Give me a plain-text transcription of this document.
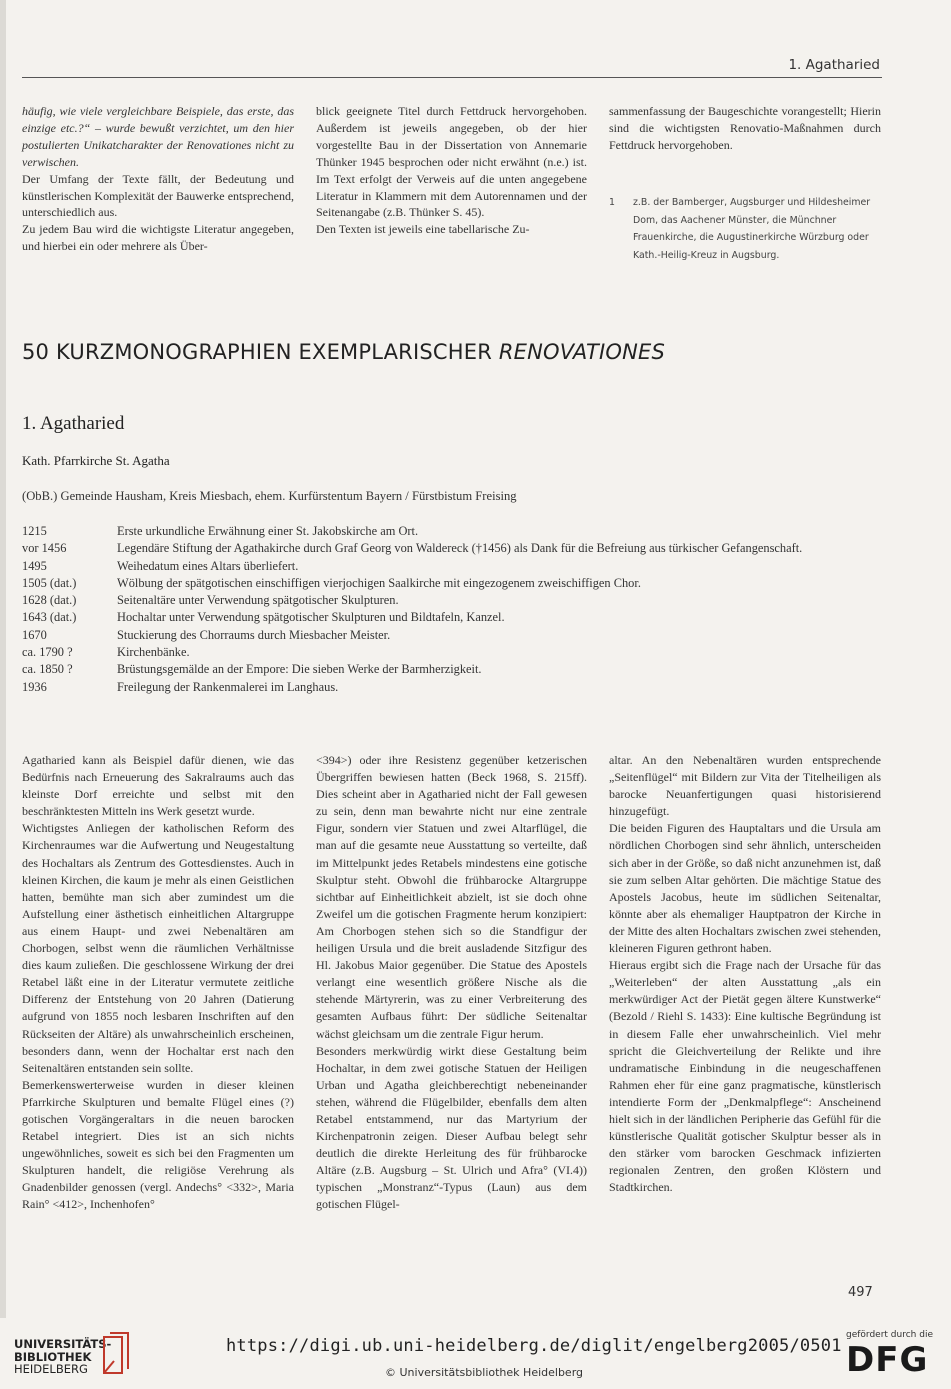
1. Agatharied

häufig, wie viele vergleichbare Beispiele, das erste, das einzige etc.?“ – wurde bewußt verzichtet, um den hier postulierten Unikatcharakter der Renovationes nicht zu verwischen.

Der Umfang der Texte fällt, der Bedeutung und künstlerischen Komplexität der Bauwerke entsprechend, unterschiedlich aus.

Zu jedem Bau wird die wichtigste Literatur angegeben, und hierbei ein oder mehrere als Über-

blick geeignete Titel durch Fettdruck hervorgehoben. Außerdem ist jeweils angegeben, ob der hier vorgestellte Bau in der Dissertation von Annemarie Thünker 1945 besprochen oder nicht erwähnt (n.e.) ist. Im Text erfolgt der Verweis auf die unten angegebene Literatur in Klammern mit dem Autorennamen und der Seitenangabe (z.B. Thünker S. 45).

Den Texten ist jeweils eine tabellarische Zu-

sammenfassung der Baugeschichte vorangestellt; Hierin sind die wichtigsten Renovatio-Maßnahmen durch Fettdruck hervorgehoben.

1 z.B. der Bamberger, Augsburger und Hildesheimer Dom, das Aachener Münster, die Münchner Frauenkirche, die Augustinerkirche Würzburg oder Kath.-Heilig-Kreuz in Augsburg.
50 KURZMONOGRAPHIEN EXEMPLARISCHER RENOVATIONES
1. Agatharied
Kath. Pfarrkirche St. Agatha
(ObB.) Gemeinde Hausham, Kreis Miesbach, ehem. Kurfürstentum Bayern / Fürstbistum Freising
1215	Erste urkundliche Erwähnung einer St. Jakobskirche am Ort.
vor 1456	Legendäre Stiftung der Agathakirche durch Graf Georg von Waldereck (†1456) als Dank für die Befreiung aus türkischer Gefangenschaft.
1495	Weihedatum eines Altars überliefert.
1505 (dat.)	Wölbung der spätgotischen einschiffigen vierjochigen Saalkirche mit eingezogenem zweischiffigen Chor.
1628 (dat.)	Seitenaltäre unter Verwendung spätgotischer Skulpturen.
1643 (dat.)	Hochaltar unter Verwendung spätgotischer Skulpturen und Bildtafeln, Kanzel.
1670	Stuckierung des Chorraums durch Miesbacher Meister.
ca. 1790 ?	Kirchenbänke.
ca. 1850 ?	Brüstungsgemälde an der Empore: Die sieben Werke der Barmherzigkeit.
1936	Freilegung der Rankenmalerei im Langhaus.

Agatharied kann als Beispiel dafür dienen, wie das Bedürfnis nach Erneuerung des Sakralraums auch das kleinste Dorf erreichte und selbst mit den beschränktesten Mitteln ins Werk gesetzt wurde.

Wichtigstes Anliegen der katholischen Reform des Kirchenraumes war die Aufwertung und Neugestaltung des Hochaltars als Zentrum des Gottesdienstes. Auch in kleinen Kirchen, die kaum je mehr als einen Geistlichen hatten, bemühte man sich aber zumindest um die Aufstellung einer ästhetisch einheitlichen Altargruppe aus einem Haupt- und zwei Nebenaltären am Chorbogen, selbst wenn die räumlichen Verhältnisse dies kaum zuließen. Die geschlossene Wirkung der drei Retabel läßt eine in der Literatur vermutete zeitliche Differenz der Entstehung von 20 Jahren (Datierung aufgrund von 1855 noch lesbaren Inschriften auf den Rückseiten der Altäre) als unwahrscheinlich erscheinen, besonders dann, wenn der Hochaltar erst nach den Seitenaltären entstanden sein sollte.

Bemerkenswerterweise wurden in dieser kleinen Pfarrkirche Skulpturen und bemalte Flügel eines (?) gotischen Vorgängeraltars in die neuen barocken Retabel integriert. Dies ist an sich nichts ungewöhnliches, soweit es sich bei den Fragmenten um Skulpturen handelt, die religiöse Verehrung als Gnadenbilder genossen (vergl. Andechs° <332>, Maria Rain° <412>, Inchenhofen°

<394>) oder ihre Resistenz gegenüber ketzerischen Übergriffen bewiesen hatten (Beck 1968, S. 215ff). Dies scheint aber in Agatharied nicht der Fall gewesen zu sein, denn man bewahrte nicht nur eine zentrale Figur, sondern vier Statuen und zwei Altarflügel, die man auf die gesamte neue Ausstattung so verteilte, daß im Mittelpunkt jedes Retabels mindestens eine gotische Skulptur steht. Obwohl die frühbarocke Altargruppe sichtbar auf Einheitlichkeit abzielt, ist sie doch ohne Zweifel um die gotischen Fragmente herum konzipiert: Am Chorbogen stehen sich so die Standfigur der heiligen Ursula und die breit ausladende Sitzfigur des Hl. Jakobus Maior gegenüber. Die Statue des Apostels verlangt eine wesentlich größere Nische als die stehende Märtyrerin, was zu einer Verbreiterung des gesamten Aufbaus führt: Der südliche Seitenaltar wächst gleichsam um die zentrale Figur herum.

Besonders merkwürdig wirkt diese Gestaltung beim Hochaltar, in dem zwei gotische Statuen der Heiligen Urban und Agatha gleichberechtigt nebeneinander stehen, während die Flügelbilder, ebenfalls dem alten Retabel entstammend, nur das Martyrium der Kirchenpatronin zeigen. Dieser Aufbau belegt sehr deutlich die direkte Herleitung des für frühbarocke Altäre (z.B. Augsburg – St. Ulrich und Afra° (VI.4)) typischen „Monstranz“-Typus (Laun) aus dem gotischen Flügel-

altar. An den Nebenaltären wurden entsprechende „Seitenflügel“ mit Bildern zur Vita der Titelheiligen als barocke Neuanfertigungen quasi historisierend hinzugefügt.

Die beiden Figuren des Hauptaltars und die Ursula am nördlichen Chorbogen sind sehr ähnlich, unterscheiden sich aber in der Größe, so daß nicht anzunehmen ist, daß sie zum selben Altar gehörten. Die mächtige Statue des Apostels Jacobus, heute im südlichen Seitenaltar, könnte aber als ehemaliger Hauptpatron der Kirche in der Mitte des alten Hochaltars zwischen zwei stehenden, kleineren Figuren gethront haben.

Hieraus ergibt sich die Frage nach der Ursache für das „Weiterleben“ der alten Ausstattung „als ein merkwürdiger Act der Pietät gegen ältere Kunstwerke“ (Bezold / Riehl S. 1433): Eine kultische Begründung ist in diesem Falle eher unwahrscheinlich. Viel mehr spricht die Gleichverteilung der Relikte und ihre undramatische Einbindung in die neugeschaffenen Rahmen eher für eine ganz pragmatische, künstlerisch intendierte Form der „Denkmalpflege“: Anscheinend hielt sich in der ländlichen Peripherie das Gefühl für die künstlerische Qualität gotischer Skulptur besser als in den stärker vom barocken Geschmack infizierten regionalen Zentren, den großen Klöstern und Stadtkirchen.

497
UNIVERSITÄTS-
BIBLIOTHEK
HEIDELBERG
https://digi.ub.uni-heidelberg.de/diglit/engelberg2005/0501
© Universitätsbibliothek Heidelberg
gefördert durch die
DFG
